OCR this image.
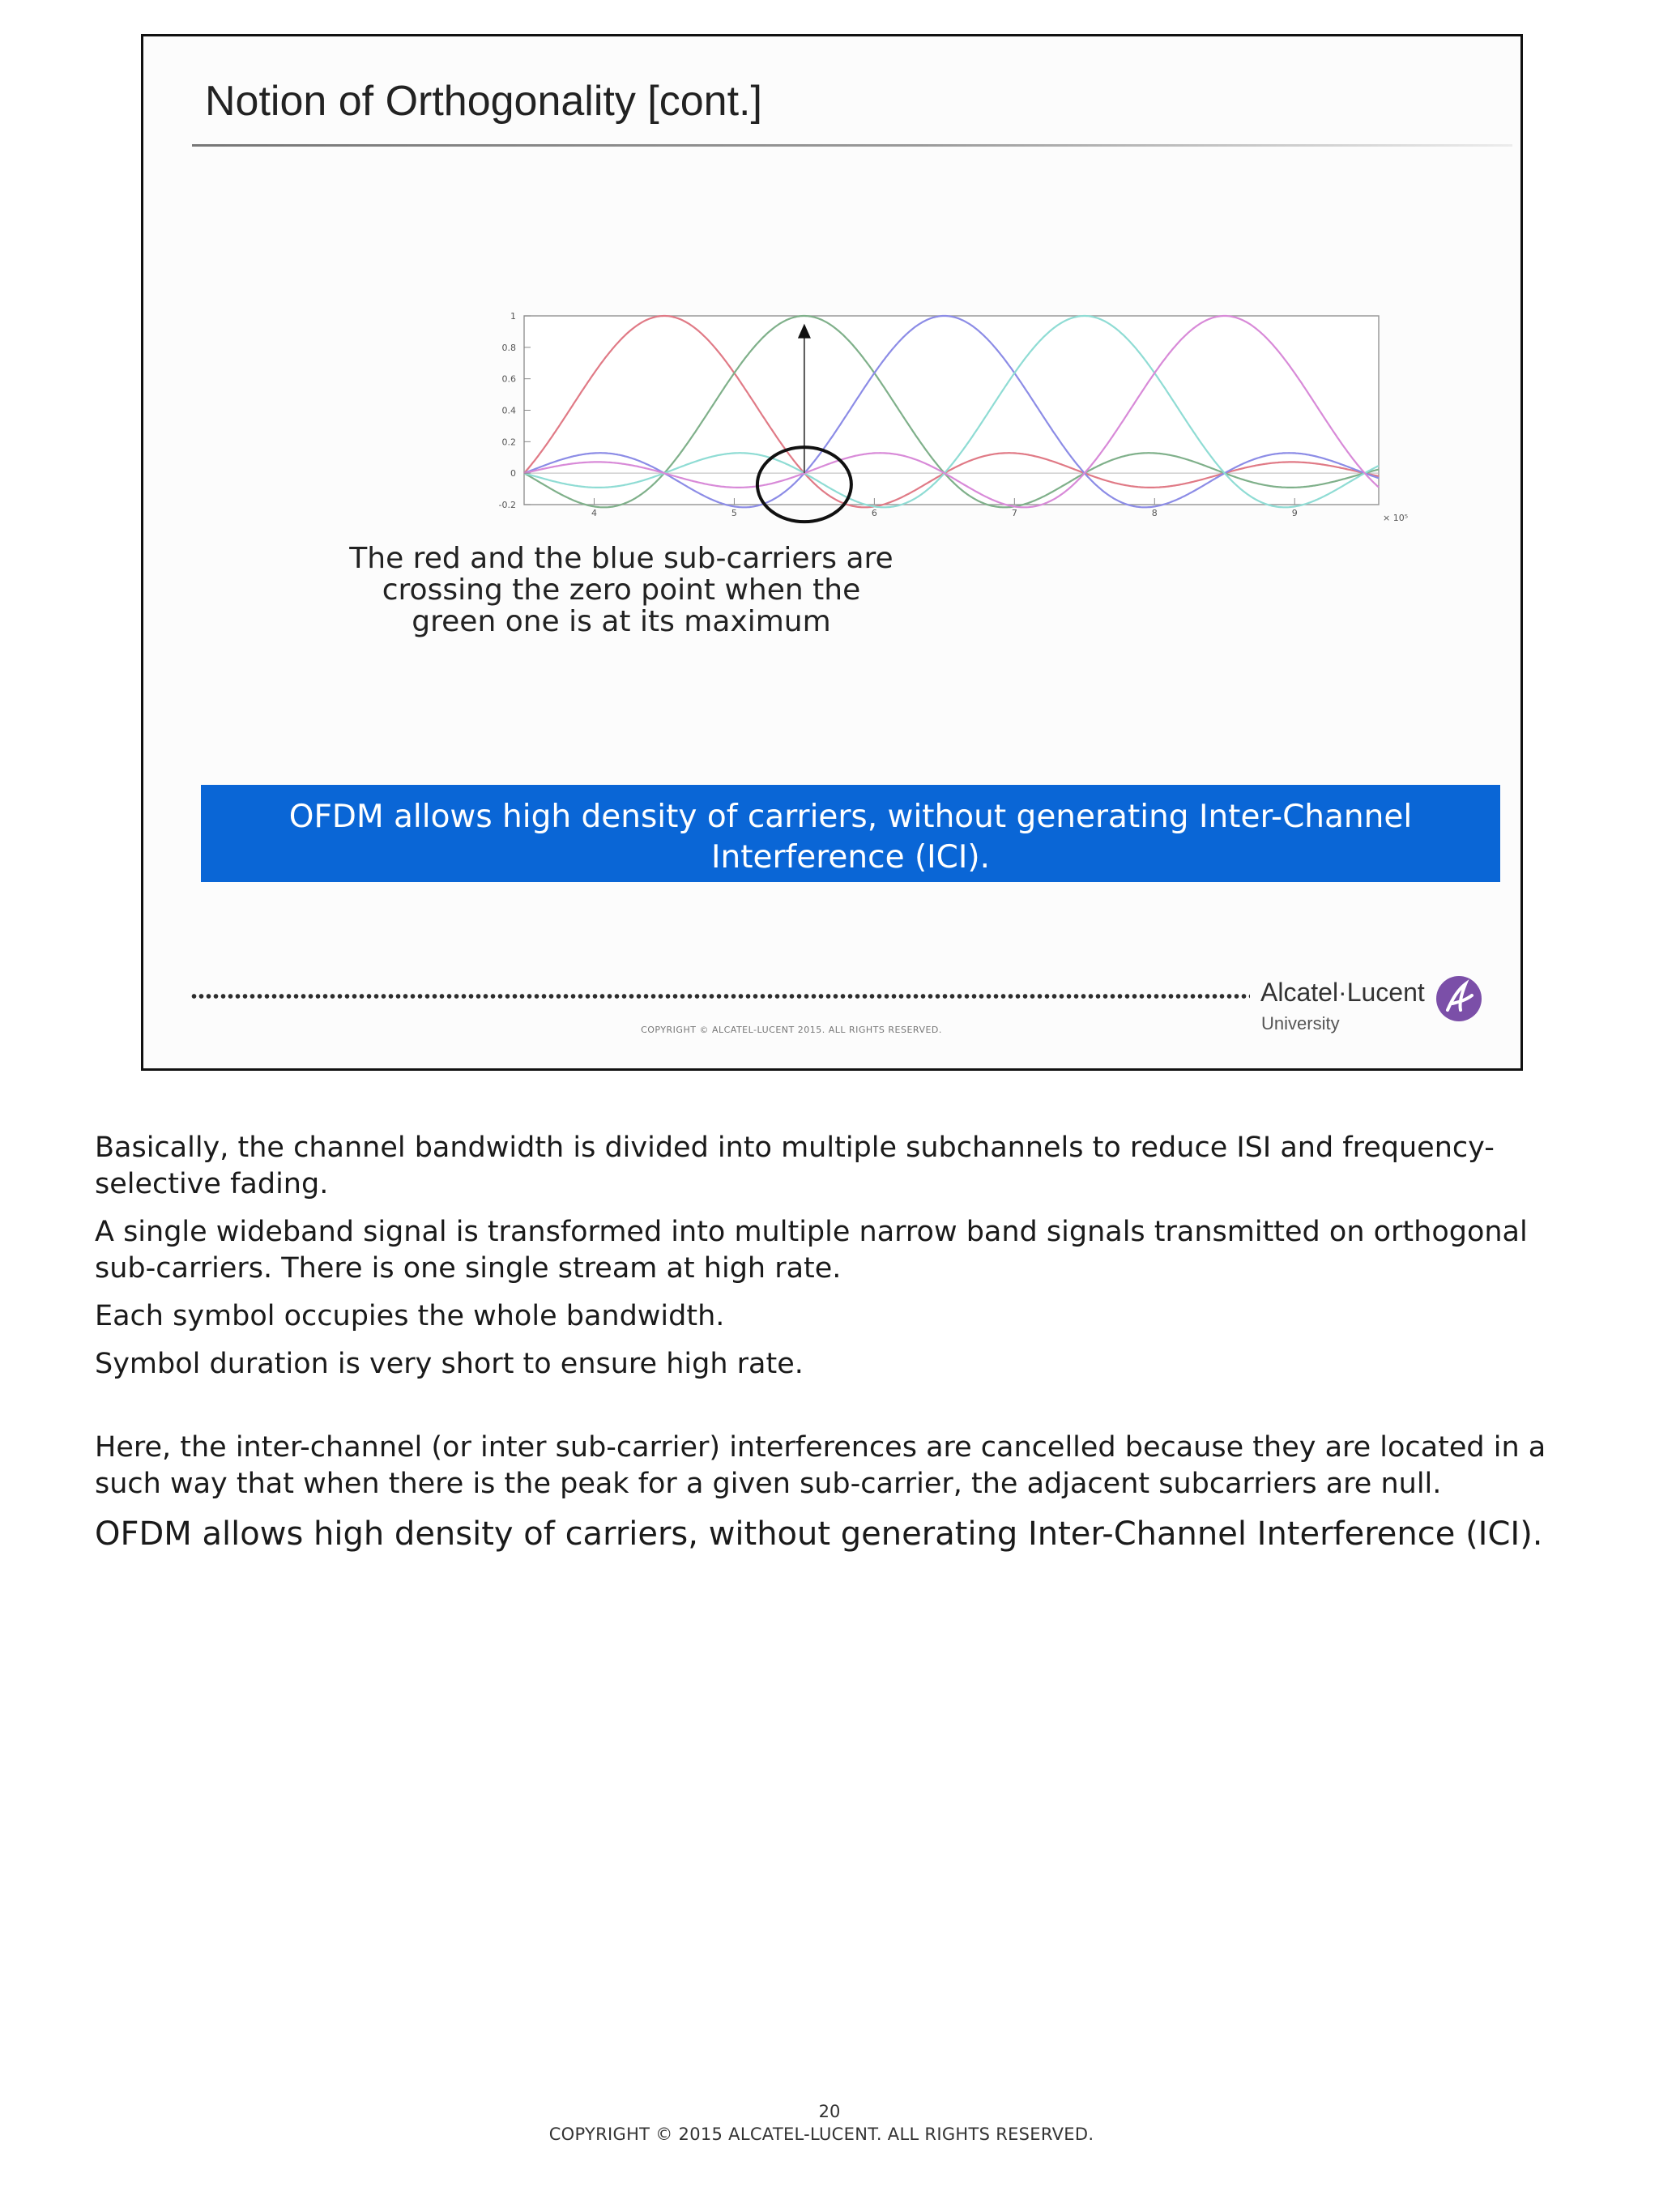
Notion of Orthogonality [cont.]
-0.2
0
0.2
0.4
0.6
0.8
1
4	5	6	7	8	9	× 10⁵

The red and the blue sub-carriers are crossing the zero point when the green one is at its maximum

OFDM allows high density of carriers, without generating Inter-Channel Interference (ICI).
Alcatel·Lucent
University
COPYRIGHT © ALCATEL-LUCENT 2015. ALL RIGHTS RESERVED.

Basically, the channel bandwidth is divided into multiple subchannels to reduce ISI and frequency-selective fading.

A single wideband signal is transformed into multiple narrow band signals transmitted on orthogonal sub-carriers. There is one single stream at high rate.

Each symbol occupies the whole bandwidth.

Symbol duration is very short to ensure high rate.

Here, the inter-channel (or inter sub-carrier) interferences are cancelled because they are located in a such way that when there is the peak for a given sub-carrier, the adjacent subcarriers are null.

OFDM allows high density of carriers, without generating Inter-Channel Interference (ICI).

20
COPYRIGHT © 2015 ALCATEL-LUCENT. ALL RIGHTS RESERVED.
